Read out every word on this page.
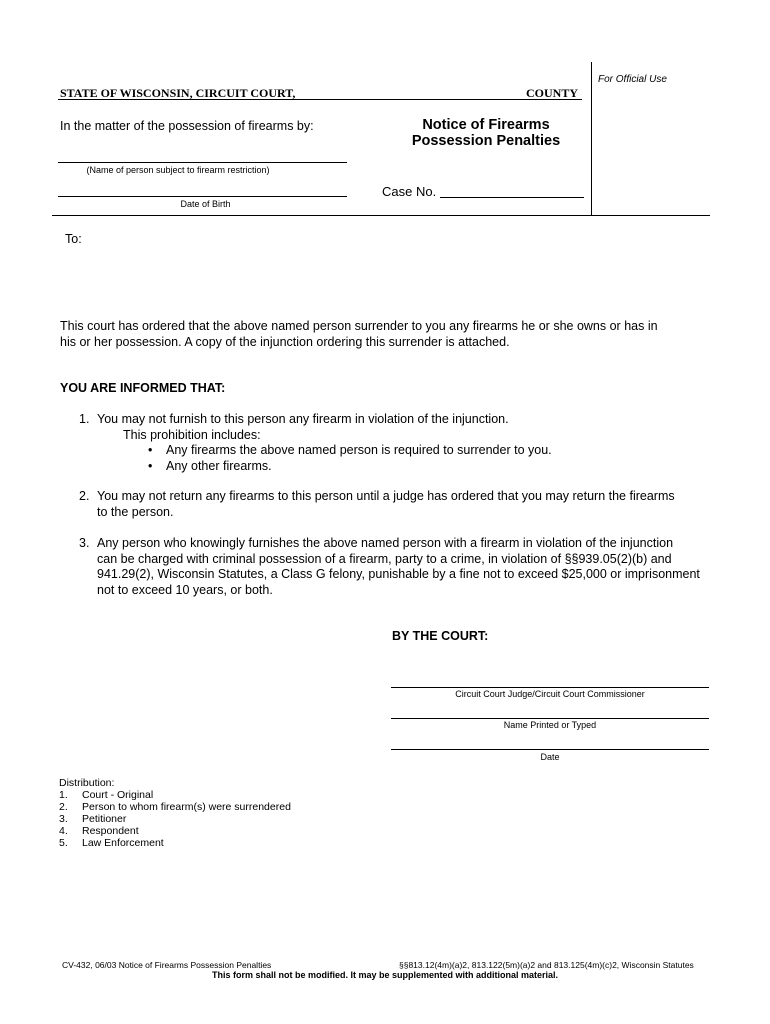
For Official Use
STATE OF WISCONSIN, CIRCUIT COURT,	COUNTY
In the matter of the possession of firearms by:	Notice of Firearms
Possession Penalties
(Name of person subject to firearm restriction)
Date of Birth
Case No.
To:
This court has ordered that the above named person surrender to you any firearms he or she owns or has in
his or her possession. A copy of the injunction ordering this surrender is attached.
YOU ARE INFORMED THAT:
1. You may not furnish to this person any firearm in violation of the injunction.
This prohibition includes:
• Any firearms the above named person is required to surrender to you.
• Any other firearms.
2. You may not return any firearms to this person until a judge has ordered that you may return the firearms
to the person.
3. Any person who knowingly furnishes the above named person with a firearm in violation of the injunction
can be charged with criminal possession of a firearm, party to a crime, in violation of §§939.05(2)(b) and
941.29(2), Wisconsin Statutes, a Class G felony, punishable by a fine not to exceed $25,000 or imprisonment
not to exceed 10 years, or both.
BY THE COURT:
Circuit Court Judge/Circuit Court Commissioner
Name Printed or Typed
Date
Distribution:
1. Court - Original
2. Person to whom firearm(s) were surrendered
3. Petitioner
4. Respondent
5. Law Enforcement
CV-432, 06/03 Notice of Firearms Possession Penalties	§§813.12(4m)(a)2, 813.122(5m)(a)2 and 813.125(4m)(c)2, Wisconsin Statutes
This form shall not be modified. It may be supplemented with additional material.
